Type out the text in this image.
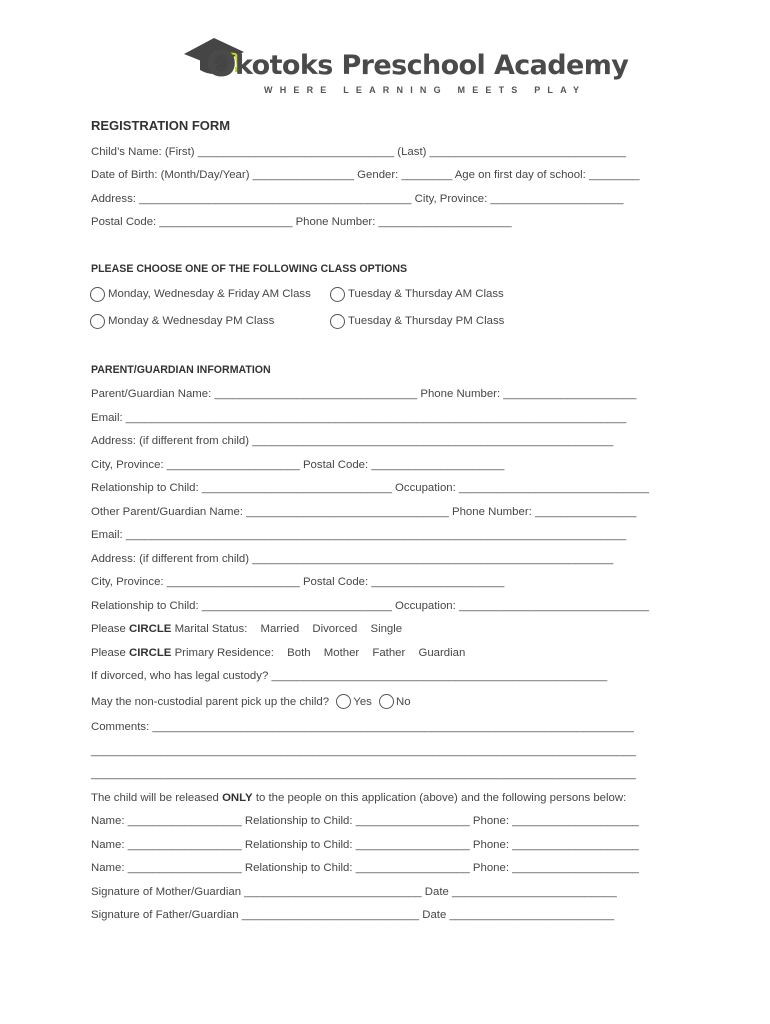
Okotoks Preschool Academy
WHERE LEARNING MEETS PLAY
REGISTRATION FORM
Child’s Name: (First) _______________________________ (Last) _______________________________
Date of Birth: (Month/Day/Year) ________________ Gender: ________ Age on first day of school: ________
Address: ___________________________________________ City, Province: _____________________
Postal Code: _____________________ Phone Number: _____________________
PLEASE CHOOSE ONE OF THE FOLLOWING CLASS OPTIONS
Monday, Wednesday & Friday AM Class	Tuesday & Thursday AM Class
Monday & Wednesday PM Class	Tuesday & Thursday PM Class
PARENT/GUARDIAN INFORMATION
Parent/Guardian Name: ________________________________ Phone Number: _____________________
Email: _______________________________________________________________________________
Address: (if different from child) _________________________________________________________
City, Province: _____________________ Postal Code: _____________________
Relationship to Child: ______________________________ Occupation: ______________________________
Other Parent/Guardian Name: ________________________________ Phone Number: ________________
Email: _______________________________________________________________________________
Address: (if different from child) _________________________________________________________
City, Province: _____________________ Postal Code: _____________________
Relationship to Child: ______________________________ Occupation: ______________________________
Please CIRCLE Marital Status: Married Divorced Single
Please CIRCLE Primary Residence: Both Mother Father Guardian
If divorced, who has legal custody? _____________________________________________________
May the non-custodial parent pick up the child? Yes No
Comments: ____________________________________________________________________________
______________________________________________________________________________________
______________________________________________________________________________________
The child will be released ONLY to the people on this application (above) and the following persons below:
Name: __________________ Relationship to Child: __________________ Phone: ____________________
Name: __________________ Relationship to Child: __________________ Phone: ____________________
Name: __________________ Relationship to Child: __________________ Phone: ____________________
Signature of Mother/Guardian ____________________________ Date __________________________
Signature of Father/Guardian ____________________________ Date __________________________
